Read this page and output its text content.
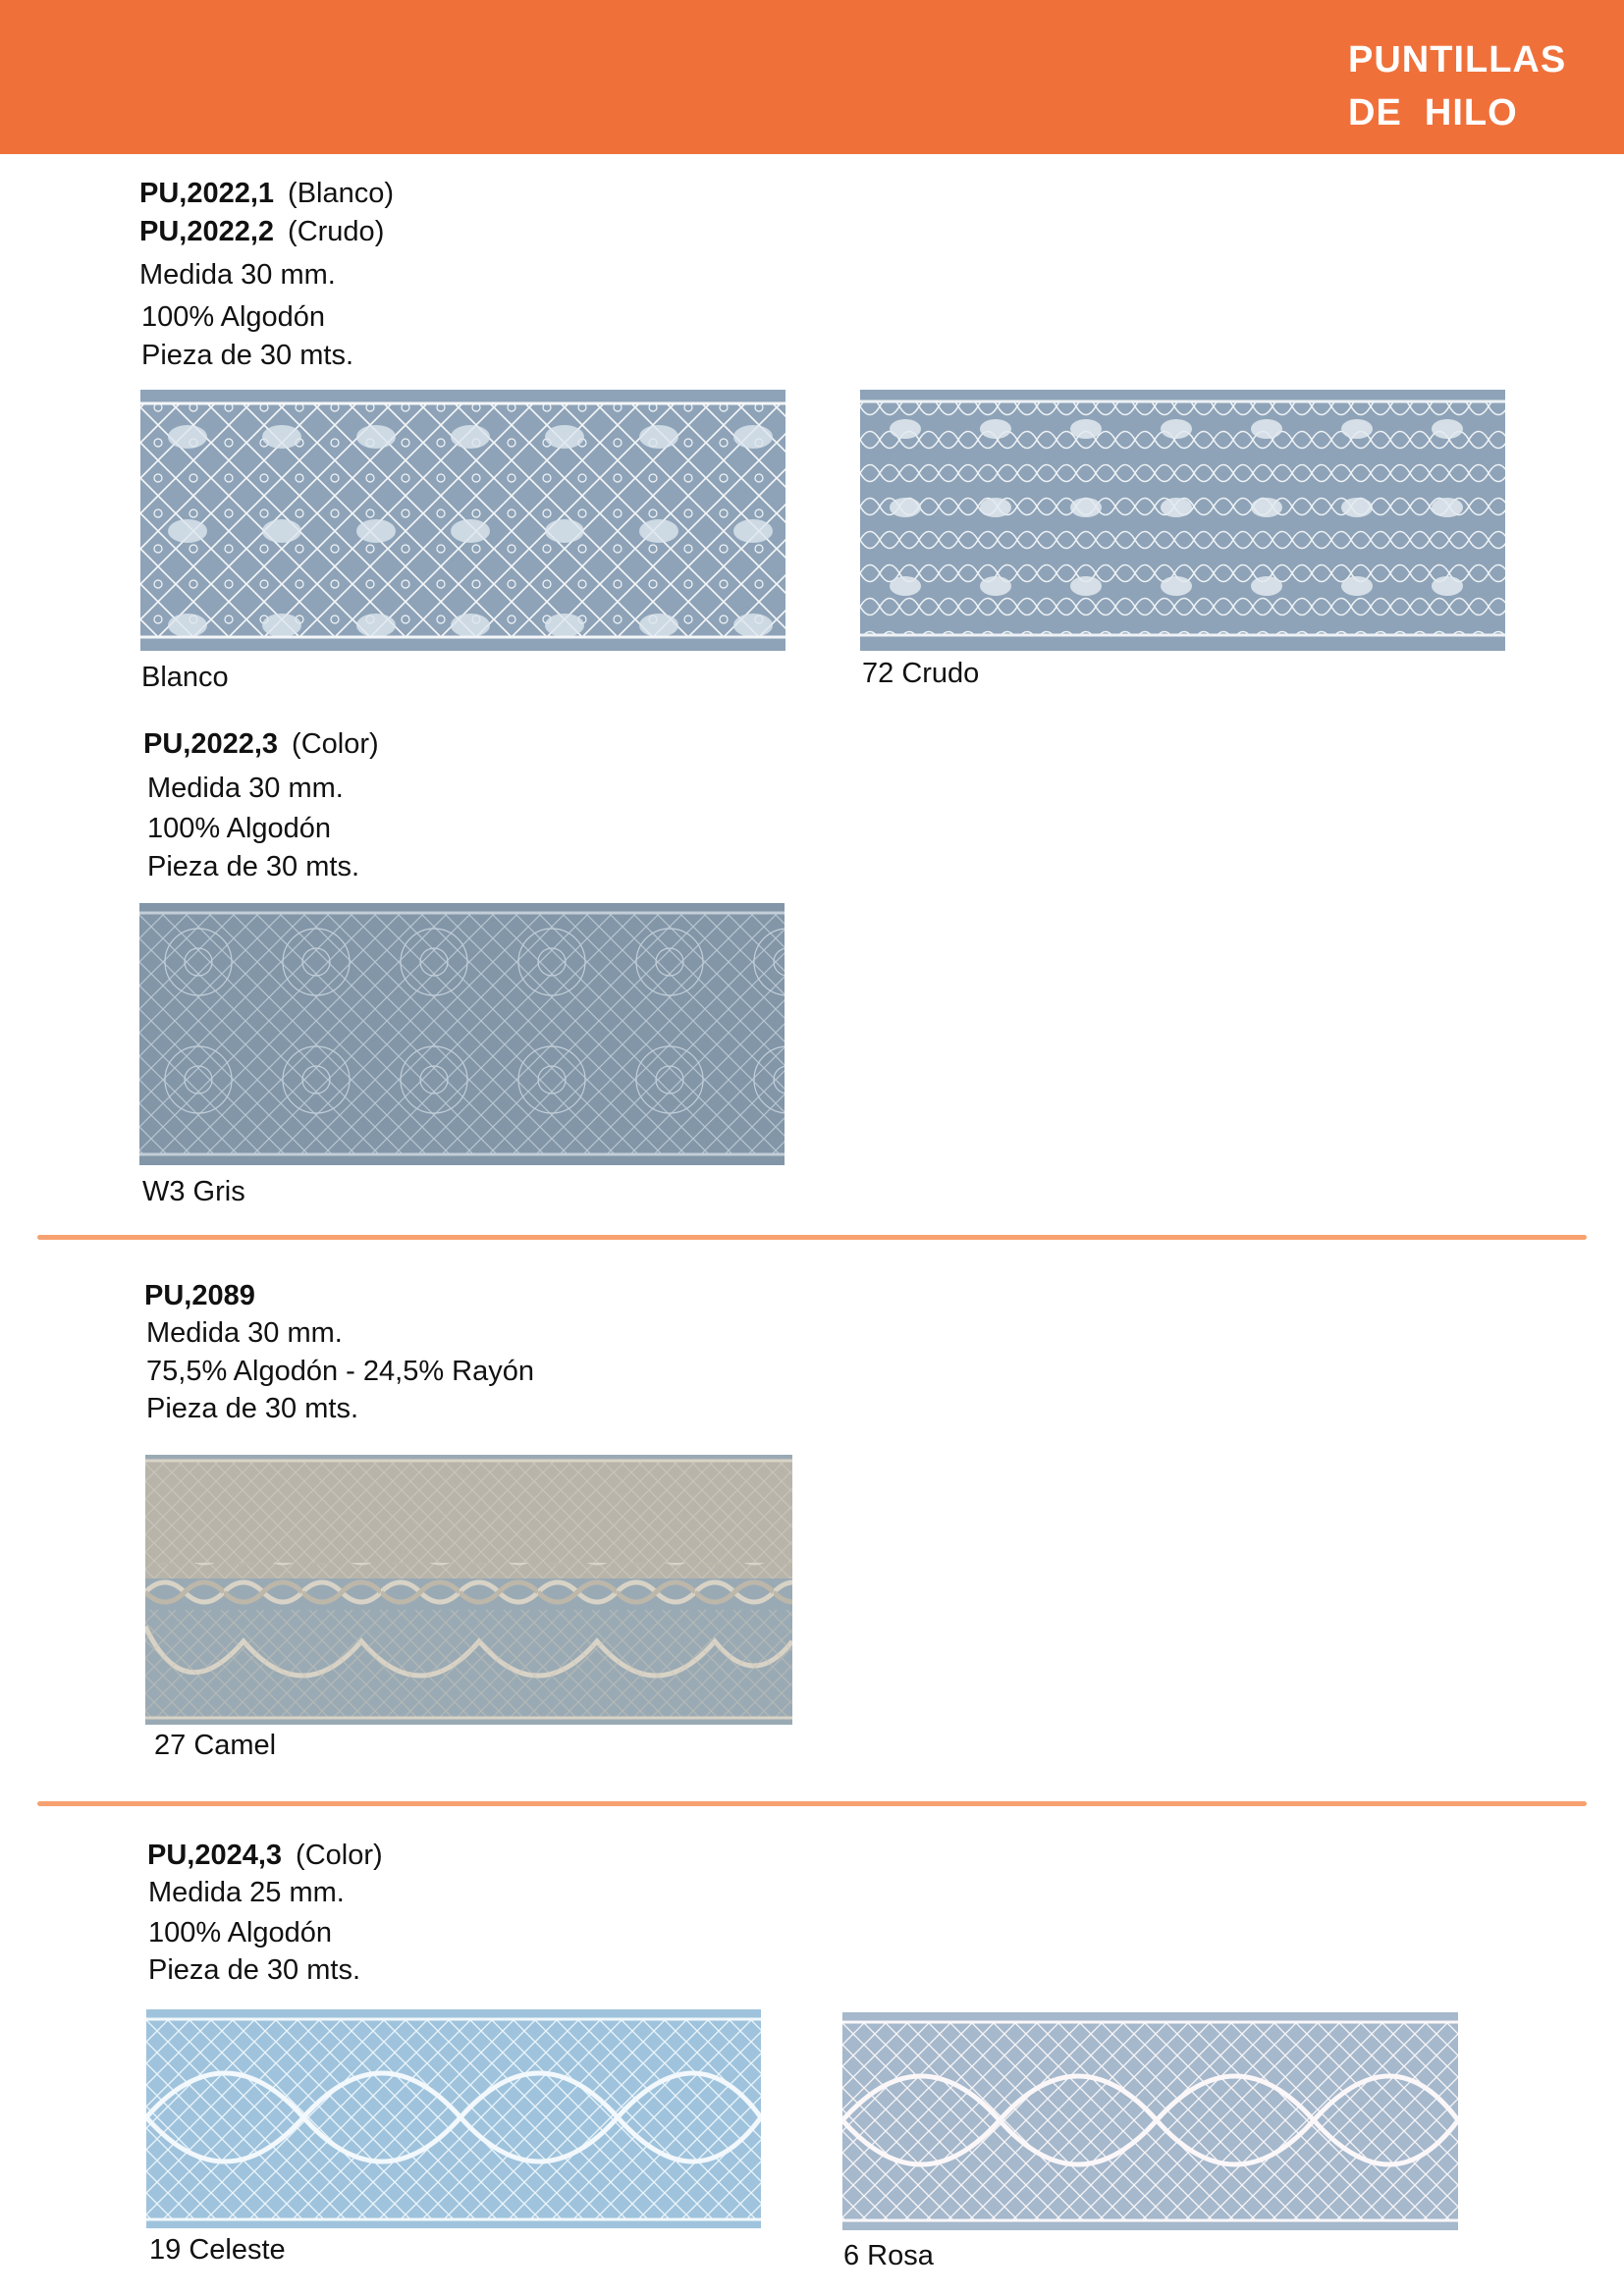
PUNTILLAS
DE  HILO
PU,2022,1 (Blanco)
PU,2022,2 (Crudo)
Medida 30 mm.
100% Algodón
Pieza de 30 mts.
Blanco	72 Crudo
PU,2022,3 (Color)
Medida 30 mm.
100% Algodón
Pieza de 30 mts.
W3 Gris
PU,2089
Medida 30 mm.
75,5% Algodón - 24,5% Rayón
Pieza de 30 mts.
27 Camel
PU,2024,3 (Color)
Medida 25 mm.
100% Algodón
Pieza de 30 mts.
19 Celeste	6 Rosa
